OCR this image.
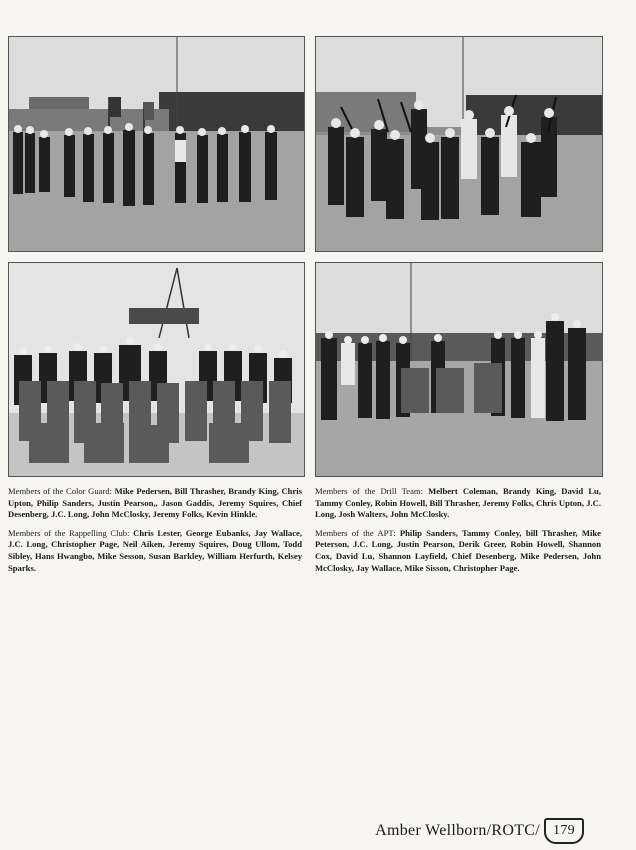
Members of the Color Guard: Mike Pedersen, Bill Thrasher, Brandy King, Chris Upton, Philip Sanders, Justin Pearson,, Jason Gaddis, Jeremy Squires, Chief Desenberg, J.C. Long, John McClosky, Jeremy Folks, Kevin Hinkle.

Members of the Rappelling Club: Chris Lester, George Eubanks, Jay Wallace, J.C. Long, Christopher Page, Neil Aiken, Jeremy Squires, Doug Ullom, Todd Sibley, Hans Hwangbo, Mike Sesson, Susan Barkley, William Herfurth, Kelsey Sparks.

Members of the Drill Team: Melbert Coleman, Brandy King, David Lu, Tammy Conley, Robin Howell, Bill Thrasher, Jeremy Folks, Chris Upton, J.C. Long, Josh Walters, John McClosky.

Members of the APT: Philip Sanders, Tammy Conley, bill Thrasher, Mike Peterson, J.C. Long, Justin Pearson, Derik Greer, Robin Howell, Shannon Cox, David Lu, Shannon Layfield, Chief Desenberg, Mike Pedersen, John McClosky, Jay Wallace, Mike Sisson, Christopher Page.

Amber Wellborn/ROTC/ 179
